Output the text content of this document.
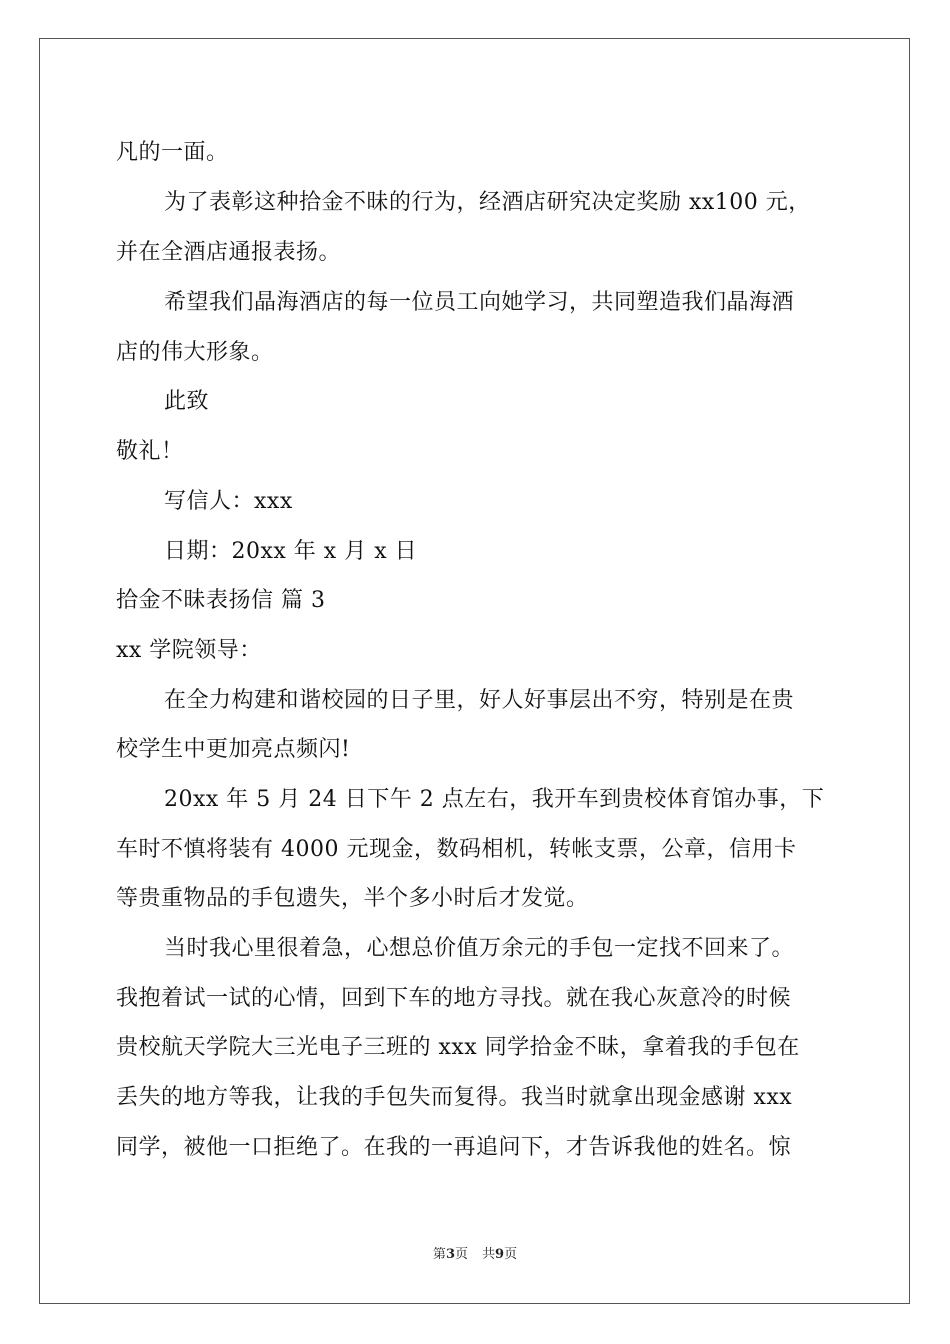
凡的一面。
为了表彰这种拾金不昧的行为，经酒店研究决定奖励 xx100 元，
并在全酒店通报表扬。
希望我们晶海酒店的每一位员工向她学习，共同塑造我们晶海酒
店的伟大形象。
此致
敬礼！
写信人：xxx
日期：20xx 年 x 月 x 日
拾金不昧表扬信 篇 3
xx 学院领导：
在全力构建和谐校园的日子里，好人好事层出不穷，特别是在贵
校学生中更加亮点频闪!
20xx 年 5 月 24 日下午 2 点左右，我开车到贵校体育馆办事，下
车时不慎将装有 4000 元现金，数码相机，转帐支票，公章，信用卡
等贵重物品的手包遗失，半个多小时后才发觉。
当时我心里很着急，心想总价值万余元的手包一定找不回来了。
我抱着试一试的心情，回到下车的地方寻找。就在我心灰意冷的时候
贵校航天学院大三光电子三班的 xxx 同学拾金不昧，拿着我的手包在
丢失的地方等我，让我的手包失而复得。我当时就拿出现金感谢 xxx
同学，被他一口拒绝了。在我的一再追问下，才告诉我他的姓名。惊
第3页 共9页
